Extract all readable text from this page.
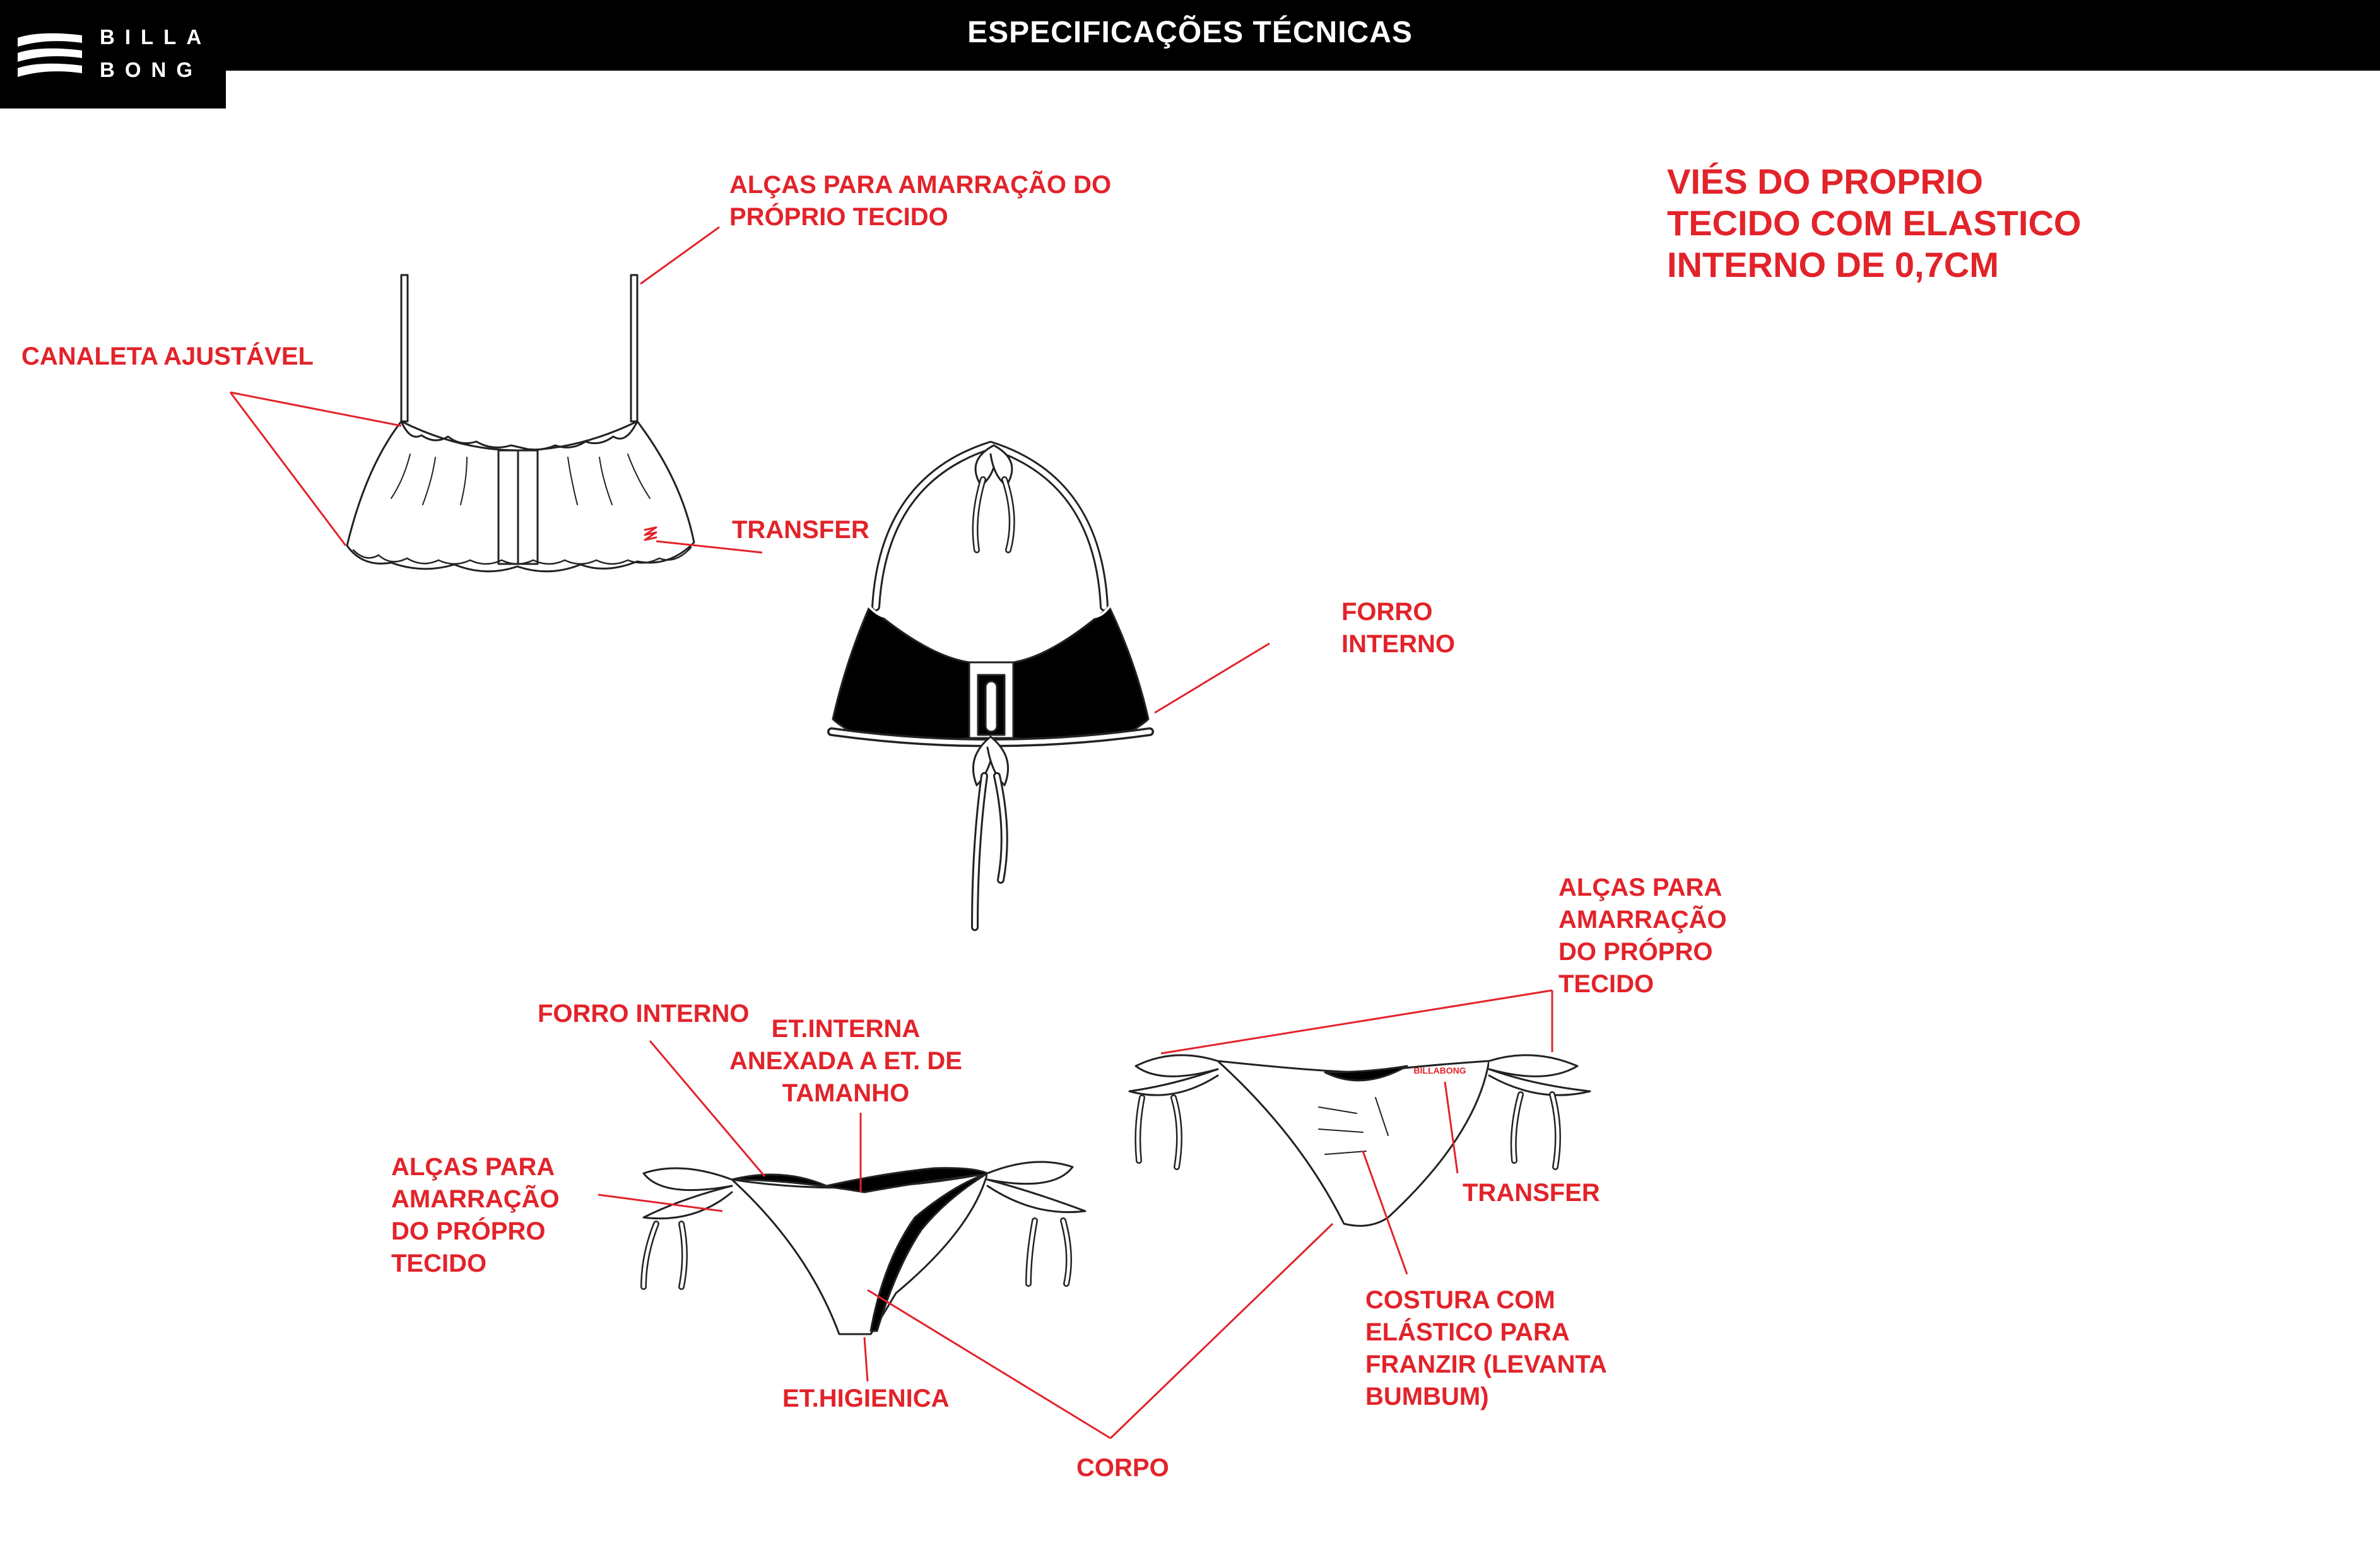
ESPECIFICAÇÕES TÉCNICAS
BILLA
BONG
BILLABONG
ALÇAS PARA AMARRAÇÃO DO
PRÓPRIO TECIDO
CANALETA AJUSTÁVEL
TRANSFER
VIÉS DO PROPRIO
TECIDO COM ELASTICO
INTERNO DE 0,7CM
FORRO
INTERNO
ALÇAS PARA
AMARRAÇÃO
DO PRÓPRO
TECIDO
FORRO INTERNO
ET.INTERNA
ANEXADA A ET. DE
TAMANHO
ALÇAS PARA
AMARRAÇÃO
DO PRÓPRO
TECIDO
TRANSFER
COSTURA COM
ELÁSTICO PARA
FRANZIR (LEVANTA
BUMBUM)
ET.HIGIENICA
CORPO
